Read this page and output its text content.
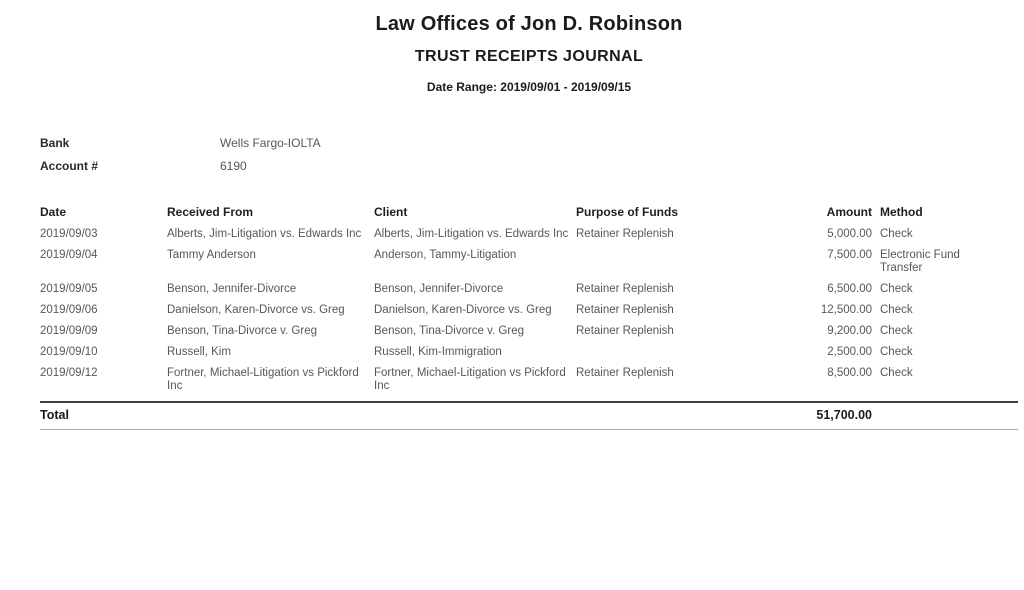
Law Offices of Jon D. Robinson
TRUST RECEIPTS JOURNAL
Date Range: 2019/09/01 - 2019/09/15
Bank	Wells Fargo-IOLTA
Account #	6190
Date	Received From	Client	Purpose of Funds	Amount	Method	
2019/09/03	Alberts, Jim-Litigation vs. Edwards Inc	Alberts, Jim-Litigation vs. Edwards Inc	Retainer Replenish	5,000.00	Check	
2019/09/04	Tammy Anderson	Anderson, Tammy-Litigation		7,500.00	Electronic Fund Transfer	
2019/09/05	Benson, Jennifer-Divorce	Benson, Jennifer-Divorce	Retainer Replenish	6,500.00	Check	
2019/09/06	Danielson, Karen-Divorce vs. Greg	Danielson, Karen-Divorce vs. Greg	Retainer Replenish	12,500.00	Check	
2019/09/09	Benson, Tina-Divorce v. Greg	Benson, Tina-Divorce v. Greg	Retainer Replenish	9,200.00	Check	
2019/09/10	Russell, Kim	Russell, Kim-Immigration		2,500.00	Check	
2019/09/12	Fortner, Michael-Litigation vs Pickford Inc	Fortner, Michael-Litigation vs Pickford Inc	Retainer Replenish	8,500.00	Check	
Total				51,700.00		
